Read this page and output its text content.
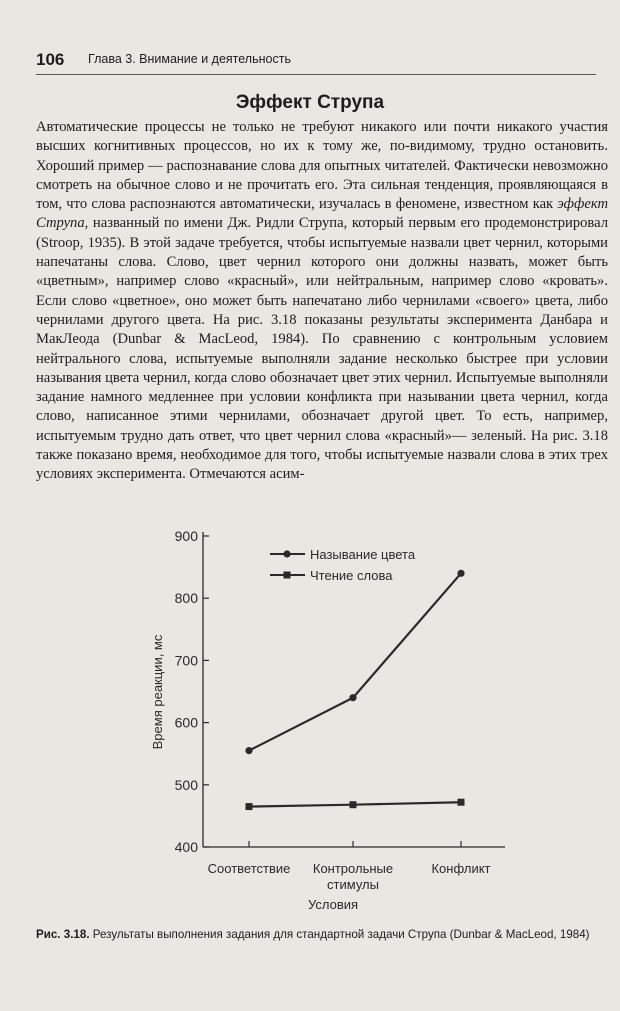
106 Глава 3. Внимание и деятельность
Эффект Струпа

Автоматические процессы не только не требуют никакого или почти никакого участия высших когнитивных процессов, но их к тому же, по-видимому, трудно остановить. Хороший пример — распознавание слова для опытных читателей. Фактически невозможно смотреть на обычное слово и не прочитать его. Эта сильная тенденция, проявляющаяся в том, что слова распознаются автоматически, изучалась в феномене, известном как эффект Струпа, названный по имени Дж. Ридли Струпа, который первым его продемонстрировал (Stroop, 1935). В этой задаче требуется, чтобы испытуемые назвали цвет чернил, которыми напечатаны слова. Слово, цвет чернил которого они должны назвать, может быть «цветным», например слово «красный», или нейтральным, например слово «кровать». Если слово «цветное», оно может быть напечатано либо чернилами «своего» цвета, либо чернилами другого цвета. На рис. 3.18 показаны результаты эксперимента Данбара и МакЛеода (Dunbar & MacLeod, 1984). По сравнению с контрольным условием нейтрального слова, испытуемые выполняли задание несколько быстрее при условии называния цвета чернил, когда слово обозначает цвет этих чернил. Испытуемые выполняли задание намного медленнее при условии конфликта при назывании цвета чернил, когда слово, написанное этими чернилами, обозначает другой цвет. То есть, например, испытуемым трудно дать ответ, что цвет чернил слова «красный»— зеленый. На рис. 3.18 также показано время, необходимое для того, чтобы испытуемые назвали слова в этих трех условиях эксперимента. Отмечаются асим-

400
500
600
700
800
900
Время реакции, мс
Соответствие Контрольные стимулы
Конфликт
Условия
Называние цвета
Чтение слова
Рис. 3.18. Результаты выполнения задания для стандартной задачи Струпа (Dunbar & MacLeod, 1984)
